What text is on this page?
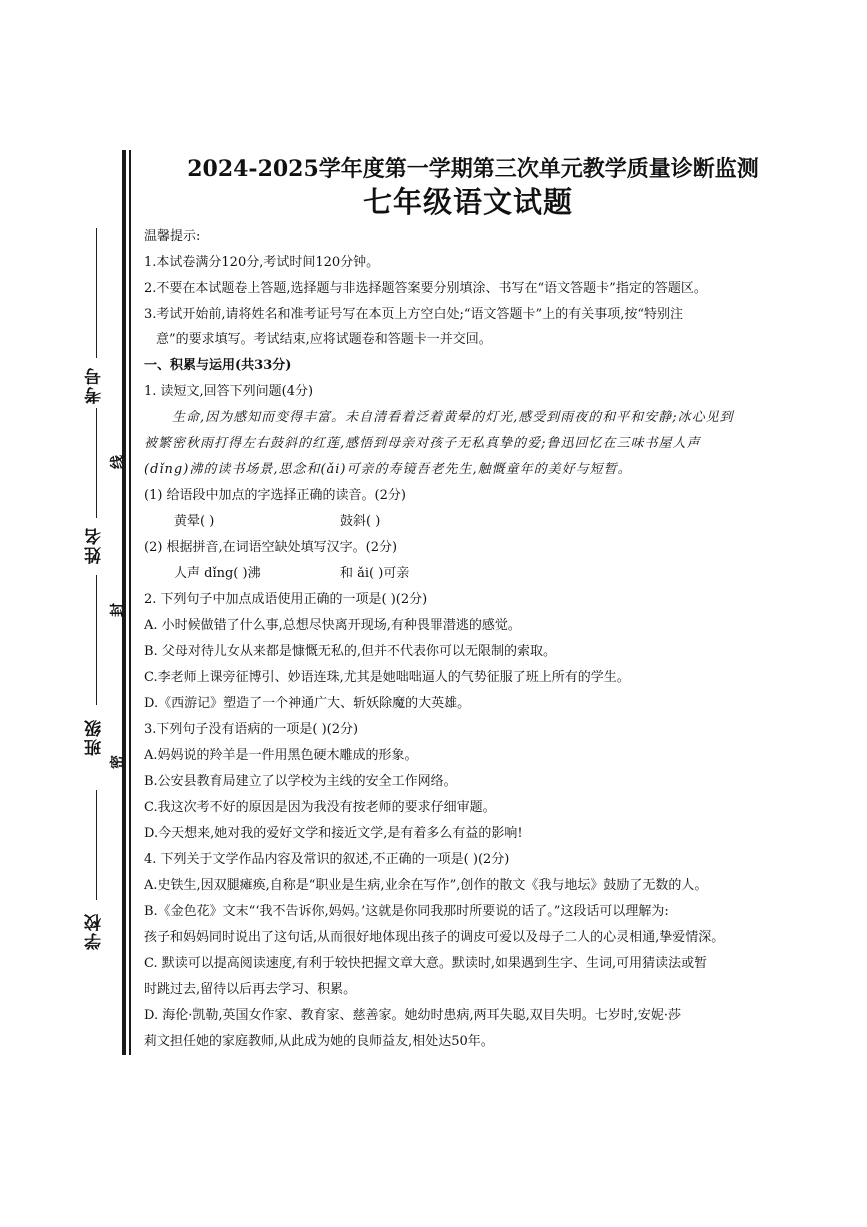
考号
姓名
班级
学校
线
封
密
2024-2025学年度第一学期第三次单元教学质量诊断监测
七年级语文试题
温馨提示:
1.本试卷满分120分,考试时间120分钟。
2.不要在本试题卷上答题,选择题与非选择题答案要分别填涂、书写在“语文答题卡”指定的答题区。
3.考试开始前,请将姓名和准考证号写在本页上方空白处;“语文答题卡”上的有关事项,按“特别注
意”的要求填写。考试结束,应将试题卷和答题卡一并交回。
一、积累与运用(共33分)
1. 读短文,回答下列问题(4分)
生命,因为感知而变得丰富。未自清看着泛着黄晕的灯光,感受到雨夜的和平和安静;冰心见到
被繁密秋雨打得左右鼓斜的红莲,感悟到母亲对孩子无私真挚的爱;鲁迅回忆在三味书屋人声
(dǐng)沸的读书场景,思念和(ǎi)可亲的寿镜吾老先生,触慨童年的美好与短暂。
(1) 给语段中加点的字选择正确的读音。(2分)
黄晕( )	鼓斜( )
(2) 根据拼音,在词语空缺处填写汉字。(2分)
人声 dǐng( )沸	和 ǎi( )可亲
2. 下列句子中加点成语使用正确的一项是( )(2分)
A. 小时候做错了什么事,总想尽快离开现场,有种畏罪潜逃的感觉。
B. 父母对待儿女从来都是慷慨无私的,但并不代表你可以无限制的索取。
C.李老师上课旁征博引、妙语连珠,尤其是她咄咄逼人的气势征服了班上所有的学生。
D.《西游记》塑造了一个神通广大、斩妖除魔的大英雄。
3.下列句子没有语病的一项是( )(2分)
A.妈妈说的羚羊是一件用黑色硬木雕成的形象。
B.公安县教育局建立了以学校为主线的安全工作网络。
C.我这次考不好的原因是因为我没有按老师的要求仔细审题。
D.今天想来,她对我的爱好文学和接近文学,是有着多么有益的影响!
4. 下列关于文学作品内容及常识的叙述,不正确的一项是( )(2分)
A.史铁生,因双腿瘫痪,自称是“职业是生病,业余在写作”,创作的散文《我与地坛》鼓励了无数的人。
B.《金色花》文末“‘我不告诉你,妈妈。’这就是你同我那时所要说的话了。”这段话可以理解为:
孩子和妈妈同时说出了这句话,从而很好地体现出孩子的调皮可爱以及母子二人的心灵相通,挚爱情深。
C. 默读可以提高阅读速度,有利于较快把握文章大意。默读时,如果遇到生字、生词,可用猜读法或暂
时跳过去,留待以后再去学习、积累。
D. 海伦·凯勒,英国女作家、教育家、慈善家。她幼时患病,两耳失聪,双目失明。七岁时,安妮·莎
莉文担任她的家庭教师,从此成为她的良师益友,相处达50年。
